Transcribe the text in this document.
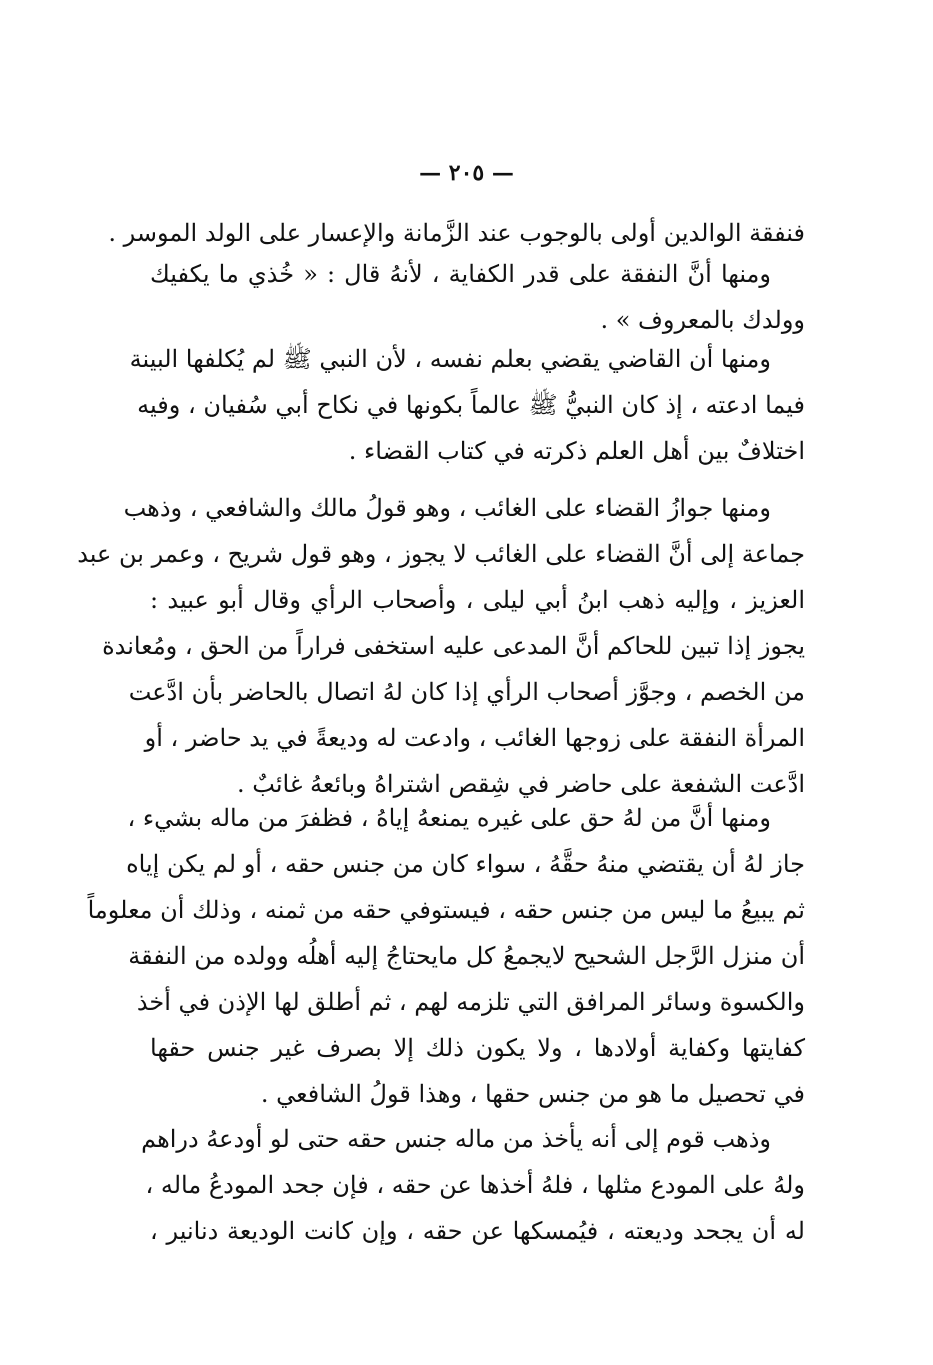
— ٢٠٥ —
فنفقة الوالدين أولى بالوجوب عند الزَّمانة والإعسار على الولد الموسر .
ومنها أنَّ النفقة على قدر الكفاية ، لأنهُ قال : « خُذي ما يكفيك
وولدك بالمعروف » .
ومنها أن القاضي يقضي بعلم نفسه ، لأن النبي ﷺ لم يُكلفها البينة
فيما ادعته ، إذ كان النبيُّ ﷺ عالماً بكونها في نكاح أبي سُفيان ، وفيه
اختلافٌ بين أهل العلم ذكرته في كتاب القضاء .
ومنها جوازُ القضاء على الغائب ، وهو قولُ مالك والشافعي ، وذهب
جماعة إلى أنَّ القضاء على الغائب لا يجوز ، وهو قول شريح ، وعمر بن عبد
العزيز ، وإليه ذهب ابنُ أبي ليلى ، وأصحاب الرأي وقال أبو عبيد :
يجوز إذا تبين للحاكم أنَّ المدعى عليه استخفى فراراً من الحق ، ومُعاندة
من الخصم ، وجوَّز أصحاب الرأي إذا كان لهُ اتصال بالحاضر بأن ادَّعت
المرأة النفقة على زوجها الغائب ، وادعت له وديعةً في يد حاضر ، أو
ادَّعت الشفعة على حاضر في شِقص اشتراهُ وبائعهُ غائبٌ .
ومنها أنَّ من لهُ حق على غيره يمنعهُ إياهُ ، فظفرَ من ماله بشيء ،
جاز لهُ أن يقتضي منهُ حقَّهُ ، سواء كان من جنس حقه ، أو لم يكن إياه
ثم يبيعُ ما ليس من جنس حقه ، فيستوفي حقه من ثمنه ، وذلك أن معلوماً
أن منزل الرَّجل الشحيح لايجمعُ كل مايحتاجُ إليه أهلُه وولده من النفقة
والكسوة وسائر المرافق التي تلزمه لهم ، ثم أطلق لها الإذن في أخذ
كفايتها وكفاية أولادها ، ولا يكون ذلك إلا بصرف غير جنس حقها
في تحصيل ما هو من جنس حقها ، وهذا قولُ الشافعي .
وذهب قوم إلى أنه يأخذ من ماله جنس حقه حتى لو أودعهُ دراهم
ولهُ على المودع مثلها ، فلهُ أخذها عن حقه ، فإن جحد المودعُ ماله ،
له أن يجحد وديعته ، فيُمسكها عن حقه ، وإن كانت الوديعة دنانير ،
